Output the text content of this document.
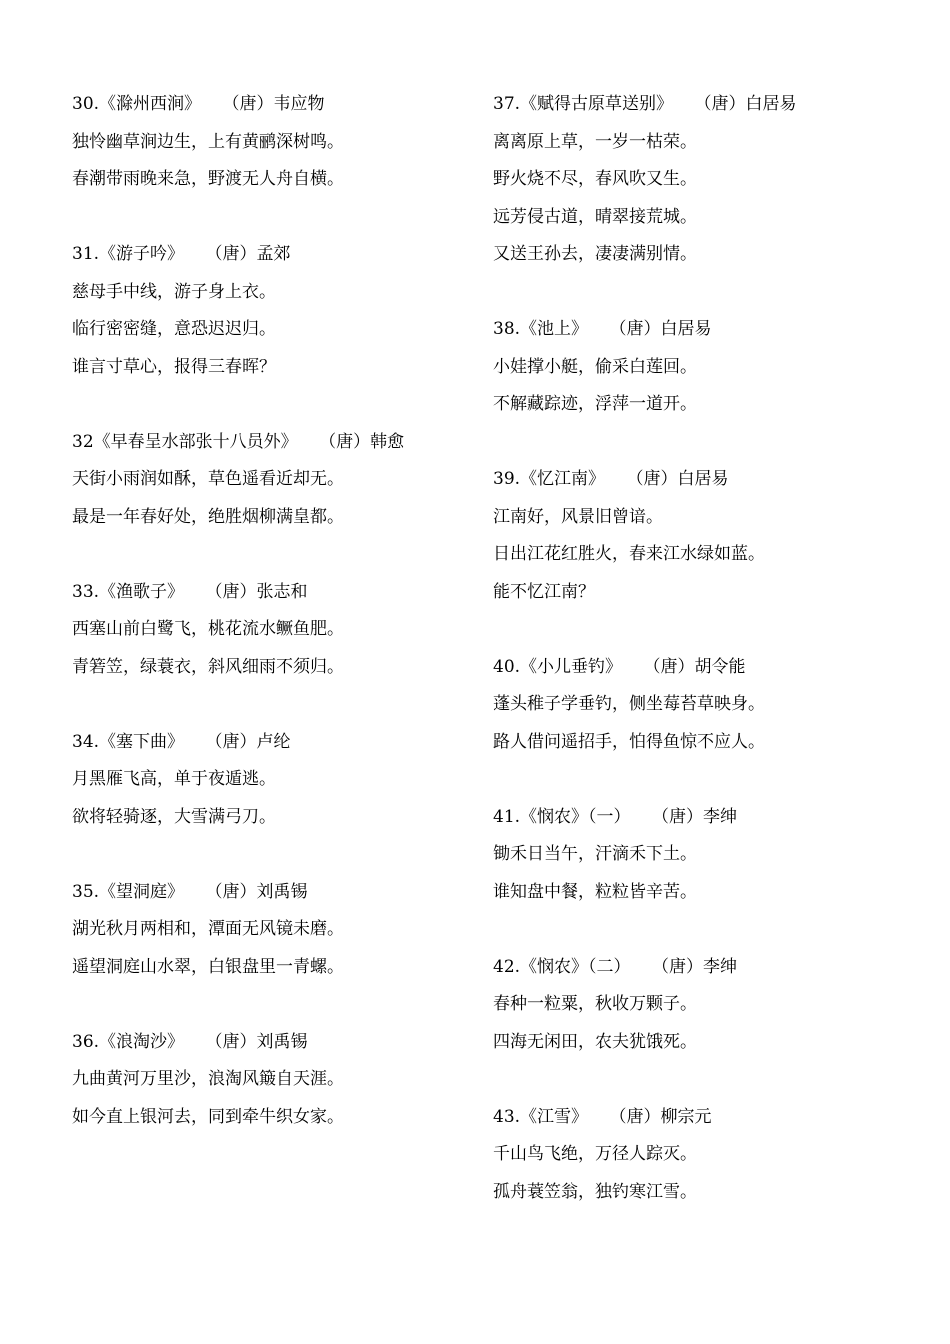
30.《滁州西涧》 （唐）韦应物
独怜幽草涧边生，上有黄鹂深树鸣。
春潮带雨晚来急，野渡无人舟自横。
31.《游子吟》 （唐）孟郊
慈母手中线，游子身上衣。
临行密密缝，意恐迟迟归。
谁言寸草心，报得三春晖？
32《早春呈水部张十八员外》 （唐）韩愈
天街小雨润如酥，草色遥看近却无。
最是一年春好处，绝胜烟柳满皇都。
33.《渔歌子》 （唐）张志和
西塞山前白鹭飞，桃花流水鳜鱼肥。
青箬笠，绿蓑衣，斜风细雨不须归。
34.《塞下曲》 （唐）卢纶
月黑雁飞高，单于夜遁逃。
欲将轻骑逐，大雪满弓刀。
35.《望洞庭》 （唐）刘禹锡
湖光秋月两相和，潭面无风镜未磨。
遥望洞庭山水翠，白银盘里一青螺。
36.《浪淘沙》 （唐）刘禹锡
九曲黄河万里沙，浪淘风簸自天涯。
如今直上银河去，同到牵牛织女家。
37.《赋得古原草送别》 （唐）白居易
离离原上草，一岁一枯荣。
野火烧不尽，春风吹又生。
远芳侵古道，晴翠接荒城。
又送王孙去，凄凄满别情。
38.《池上》 （唐）白居易
小娃撑小艇，偷采白莲回。
不解藏踪迹，浮萍一道开。
39.《忆江南》 （唐）白居易
江南好，风景旧曾谙。
日出江花红胜火，春来江水绿如蓝。
能不忆江南？
40.《小儿垂钓》 （唐）胡令能
蓬头稚子学垂钓，侧坐莓苔草映身。
路人借问遥招手，怕得鱼惊不应人。
41.《悯农》（一） （唐）李绅
锄禾日当午，汗滴禾下土。
谁知盘中餐，粒粒皆辛苦。
42.《悯农》（二） （唐）李绅
春种一粒粟，秋收万颗子。
四海无闲田，农夫犹饿死。
43.《江雪》 （唐）柳宗元
千山鸟飞绝，万径人踪灭。
孤舟蓑笠翁，独钓寒江雪。
